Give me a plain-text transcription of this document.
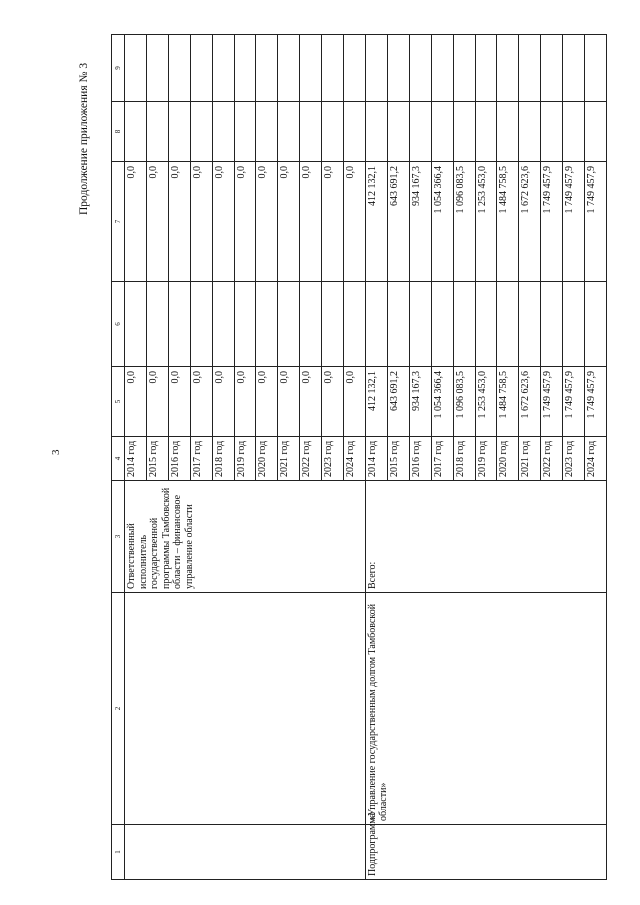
3
Продолжение приложения № 3
1	2	3	4	5	6	7	8	9
		Ответственный исполнитель государственной программы Тамбовской области – финансовое управление области	2014 год	0,0		0,0		
			2015 год	0,0		0,0		
			2016 год	0,0		0,0		
			2017 год	0,0		0,0		
			2018 год	0,0		0,0		
			2019 год	0,0		0,0		
			2020 год	0,0		0,0		
			2021 год	0,0		0,0		
			2022 год	0,0		0,0		
			2023 год	0,0		0,0		
			2024 год	0,0		0,0		
Подпрограмма	«Управление государственным долгом Тамбовской области»	Всего:	2014 год	412 132,1		412 132,1		
			2015 год	643 691,2		643 691,2		
			2016 год	934 167,3		934 167,3		
			2017 год	1 054 366,4		1 054 366,4		
			2018 год	1 096 083,5		1 096 083,5		
			2019 год	1 253 453,0		1 253 453,0		
			2020 год	1 484 758,5		1 484 758,5		
			2021 год	1 672 623,6		1 672 623,6		
			2022 год	1 749 457,9		1 749 457,9		
			2023 год	1 749 457,9		1 749 457,9		
			2024 год	1 749 457,9		1 749 457,9		
